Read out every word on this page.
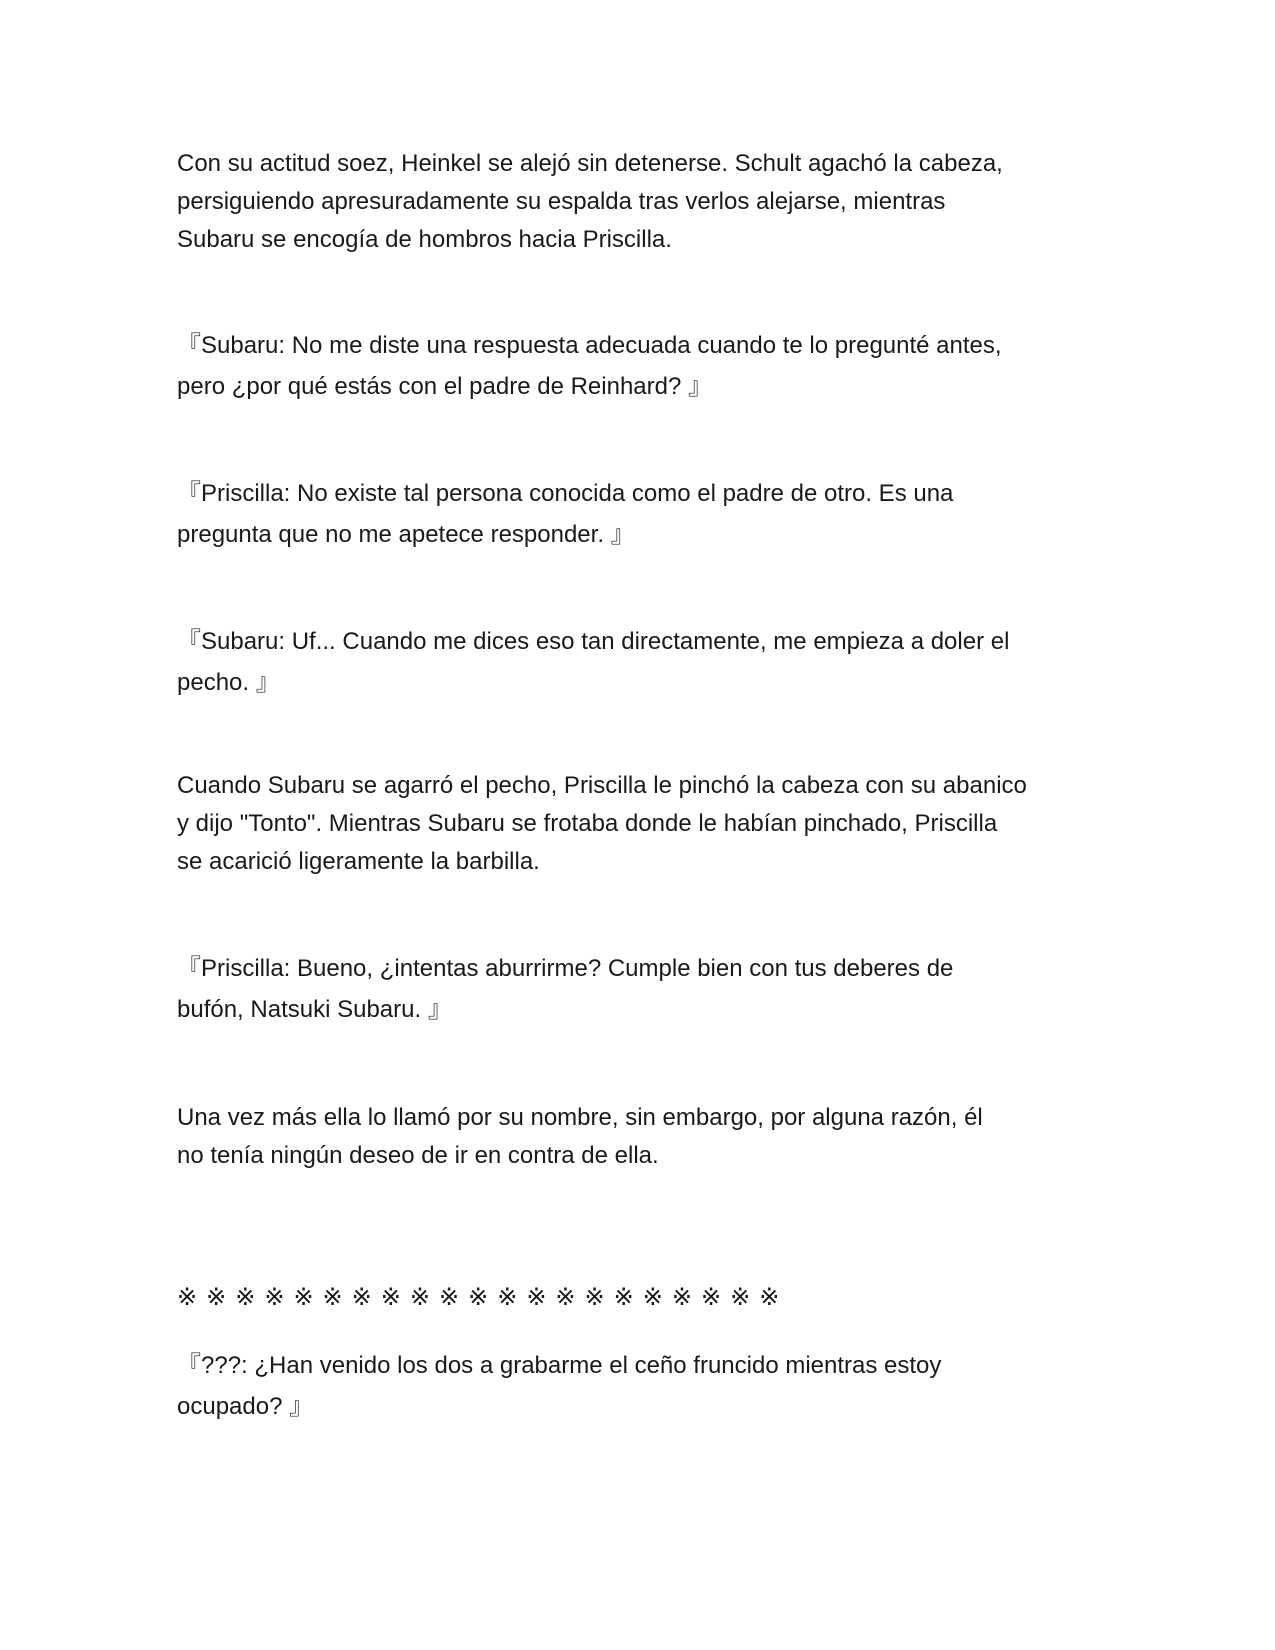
Con su actitud soez, Heinkel se alejó sin detenerse. Schult agachó la cabeza,
persiguiendo apresuradamente su espalda tras verlos alejarse, mientras
Subaru se encogía de hombros hacia Priscilla.

『Subaru: No me diste una respuesta adecuada cuando te lo pregunté antes,
pero ¿por qué estás con el padre de Reinhard? 』

『Priscilla: No existe tal persona conocida como el padre de otro. Es una
pregunta que no me apetece responder. 』

『Subaru: Uf... Cuando me dices eso tan directamente, me empieza a doler el
pecho. 』

Cuando Subaru se agarró el pecho, Priscilla le pinchó la cabeza con su abanico
y dijo "Tonto". Mientras Subaru se frotaba donde le habían pinchado, Priscilla
se acarició ligeramente la barbilla.

『Priscilla: Bueno, ¿intentas aburrirme? Cumple bien con tus deberes de
bufón, Natsuki Subaru. 』

Una vez más ella lo llamó por su nombre, sin embargo, por alguna razón, él
no tenía ningún deseo de ir en contra de ella.

※※※※※※※※※※※※※※※※※※※※※

『???: ¿Han venido los dos a grabarme el ceño fruncido mientras estoy
ocupado? 』
